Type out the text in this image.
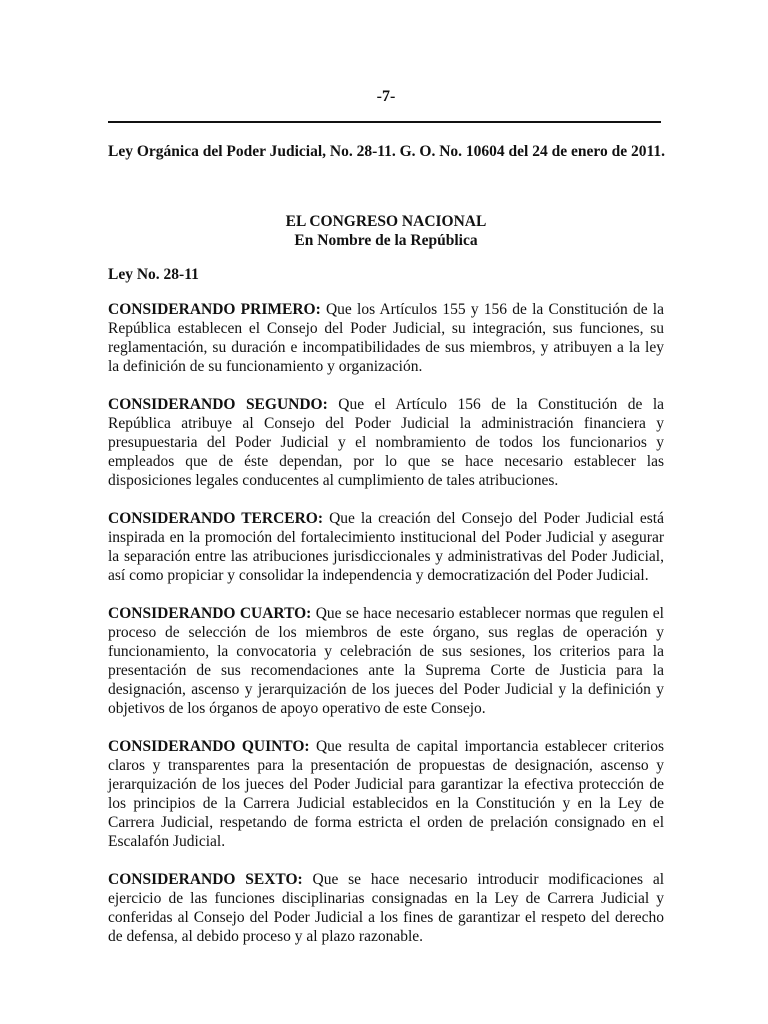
-7-
Ley Orgánica del Poder Judicial, No. 28-11. G. O. No. 10604 del 24 de enero de 2011.
EL CONGRESO NACIONAL
En Nombre de la República
Ley No. 28-11

CONSIDERANDO PRIMERO: Que los Artículos 155 y 156 de la Constitución de la República establecen el Consejo del Poder Judicial, su integración, sus funciones, su reglamentación, su duración e incompatibilidades de sus miembros, y atribuyen a la ley la definición de su funcionamiento y organización.

CONSIDERANDO SEGUNDO: Que el Artículo 156 de la Constitución de la República atribuye al Consejo del Poder Judicial la administración financiera y presupuestaria del Poder Judicial y el nombramiento de todos los funcionarios y empleados que de éste dependan, por lo que se hace necesario establecer las disposiciones legales conducentes al cumplimiento de tales atribuciones.

CONSIDERANDO TERCERO: Que la creación del Consejo del Poder Judicial está inspirada en la promoción del fortalecimiento institucional del Poder Judicial y asegurar la separación entre las atribuciones jurisdiccionales y administrativas del Poder Judicial, así como propiciar y consolidar la independencia y democratización del Poder Judicial.

CONSIDERANDO CUARTO: Que se hace necesario establecer normas que regulen el proceso de selección de los miembros de este órgano, sus reglas de operación y funcionamiento, la convocatoria y celebración de sus sesiones, los criterios para la presentación de sus recomendaciones ante la Suprema Corte de Justicia para la designación, ascenso y jerarquización de los jueces del Poder Judicial y la definición y objetivos de los órganos de apoyo operativo de este Consejo.

CONSIDERANDO QUINTO: Que resulta de capital importancia establecer criterios claros y transparentes para la presentación de propuestas de designación, ascenso y jerarquización de los jueces del Poder Judicial para garantizar la efectiva protección de los principios de la Carrera Judicial establecidos en la Constitución y en la Ley de Carrera Judicial, respetando de forma estricta el orden de prelación consignado en el Escalafón Judicial.

CONSIDERANDO SEXTO: Que se hace necesario introducir modificaciones al ejercicio de las funciones disciplinarias consignadas en la Ley de Carrera Judicial y conferidas al Consejo del Poder Judicial a los fines de garantizar el respeto del derecho de defensa, al debido proceso y al plazo razonable.
